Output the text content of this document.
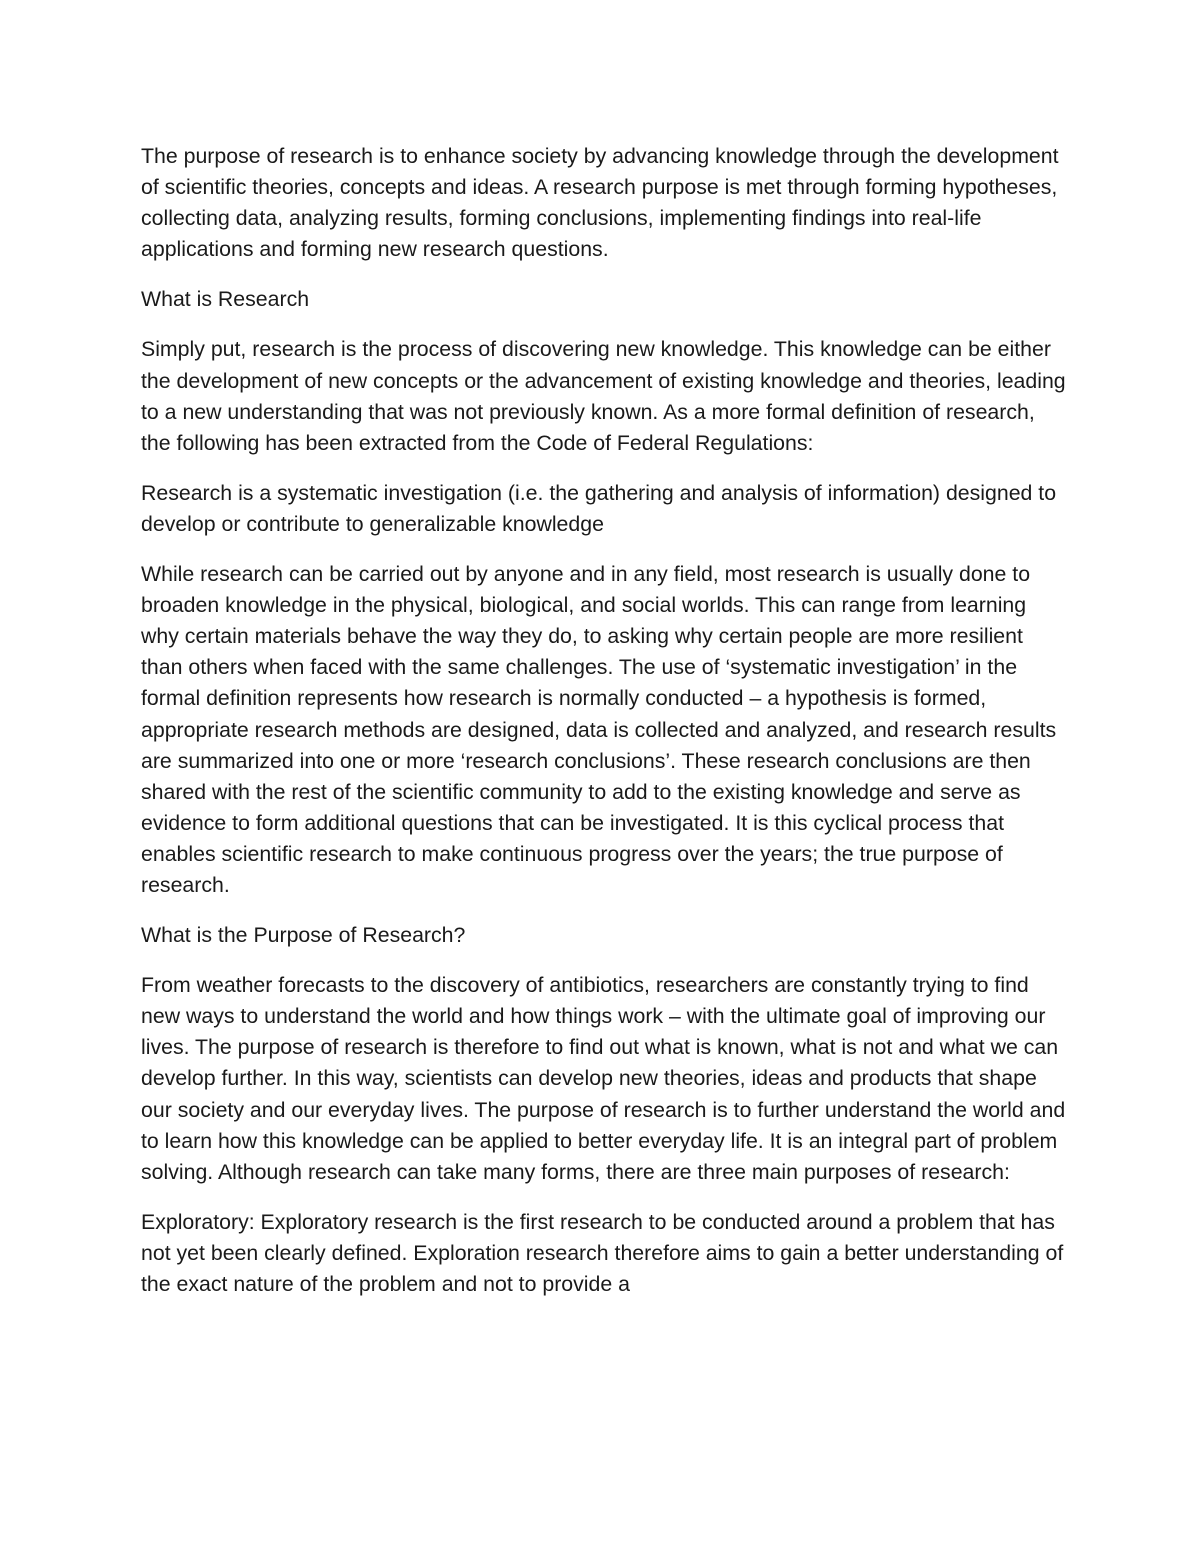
The purpose of research is to enhance society by advancing knowledge through the development of scientific theories, concepts and ideas. A research purpose is met through forming hypotheses, collecting data, analyzing results, forming conclusions, implementing findings into real-life applications and forming new research questions.

What is Research

Simply put, research is the process of discovering new knowledge. This knowledge can be either the development of new concepts or the advancement of existing knowledge and theories, leading to a new understanding that was not previously known. As a more formal definition of research, the following has been extracted from the Code of Federal Regulations:

Research is a systematic investigation (i.e. the gathering and analysis of information) designed to develop or contribute to generalizable knowledge

While research can be carried out by anyone and in any field, most research is usually done to broaden knowledge in the physical, biological, and social worlds. This can range from learning why certain materials behave the way they do, to asking why certain people are more resilient than others when faced with the same challenges. The use of ‘systematic investigation’ in the formal definition represents how research is normally conducted – a hypothesis is formed, appropriate research methods are designed, data is collected and analyzed, and research results are summarized into one or more ‘research conclusions’. These research conclusions are then shared with the rest of the scientific community to add to the existing knowledge and serve as evidence to form additional questions that can be investigated. It is this cyclical process that enables scientific research to make continuous progress over the years; the true purpose of research.

What is the Purpose of Research?

From weather forecasts to the discovery of antibiotics, researchers are constantly trying to find new ways to understand the world and how things work – with the ultimate goal of improving our lives. The purpose of research is therefore to find out what is known, what is not and what we can develop further. In this way, scientists can develop new theories, ideas and products that shape our society and our everyday lives. The purpose of research is to further understand the world and to learn how this knowledge can be applied to better everyday life. It is an integral part of problem solving. Although research can take many forms, there are three main purposes of research:

Exploratory: Exploratory research is the first research to be conducted around a problem that has not yet been clearly defined. Exploration research therefore aims to gain a better understanding of the exact nature of the problem and not to provide a
